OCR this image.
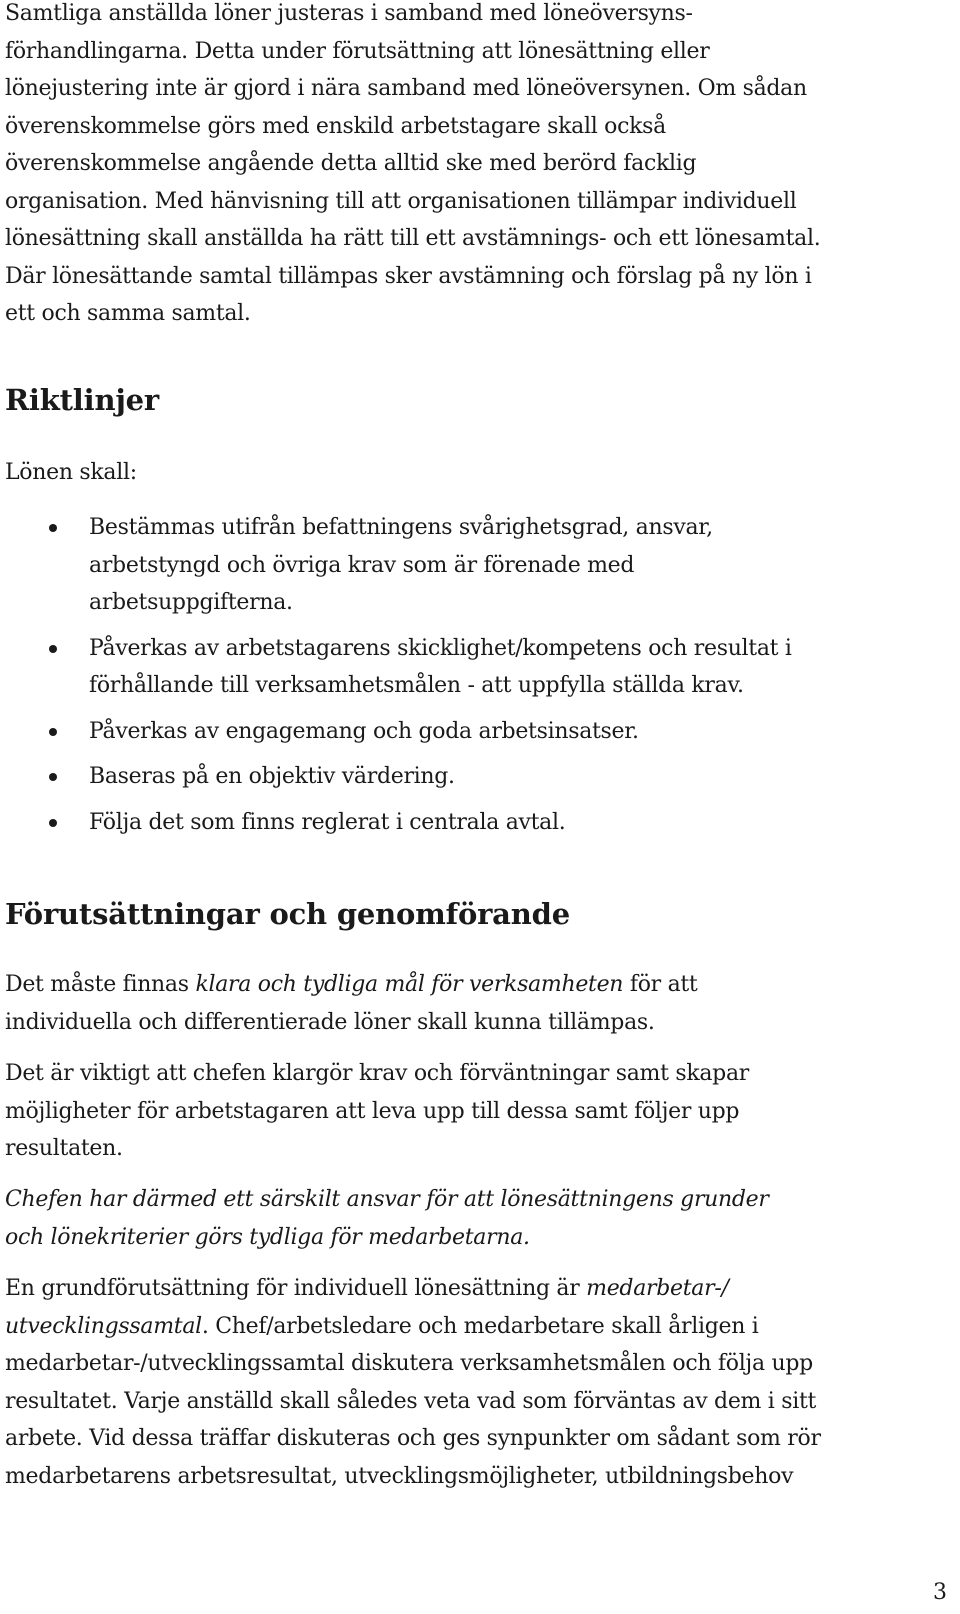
Samtliga anställda löner justeras i samband med löneöversyns-
förhandlingarna. Detta under förutsättning att lönesättning eller
lönejustering inte är gjord i nära samband med löneöversynen. Om sådan
överenskommelse görs med enskild arbetstagare skall också
överenskommelse angående detta alltid ske med berörd facklig
organisation. Med hänvisning till att organisationen tillämpar individuell
lönesättning skall anställda ha rätt till ett avstämnings- och ett lönesamtal.
Där lönesättande samtal tillämpas sker avstämning och förslag på ny lön i
ett och samma samtal.

Riktlinjer

Lönen skall:

Bestämmas utifrån befattningens svårighetsgrad, ansvar,
arbetstyngd och övriga krav som är förenade med
arbetsuppgifterna.
Påverkas av arbetstagarens skicklighet/kompetens och resultat i
förhållande till verksamhetsmålen - att uppfylla ställda krav.
Påverkas av engagemang och goda arbetsinsatser.
Baseras på en objektiv värdering.
Följa det som finns reglerat i centrala avtal.
Förutsättningar och genomförande

Det måste finnas klara och tydliga mål för verksamheten för att
individuella och differentierade löner skall kunna tillämpas.

Det är viktigt att chefen klargör krav och förväntningar samt skapar
möjligheter för arbetstagaren att leva upp till dessa samt följer upp
resultaten.

Chefen har därmed ett särskilt ansvar för att lönesättningens grunder
och lönekriterier görs tydliga för medarbetarna.

En grundförutsättning för individuell lönesättning är medarbetar-/
utvecklingssamtal. Chef/arbetsledare och medarbetare skall årligen i
medarbetar-/utvecklingssamtal diskutera verksamhetsmålen och följa upp
resultatet. Varje anställd skall således veta vad som förväntas av dem i sitt
arbete. Vid dessa träffar diskuteras och ges synpunkter om sådant som rör
medarbetarens arbetsresultat, utvecklingsmöjligheter, utbildningsbehov

3
